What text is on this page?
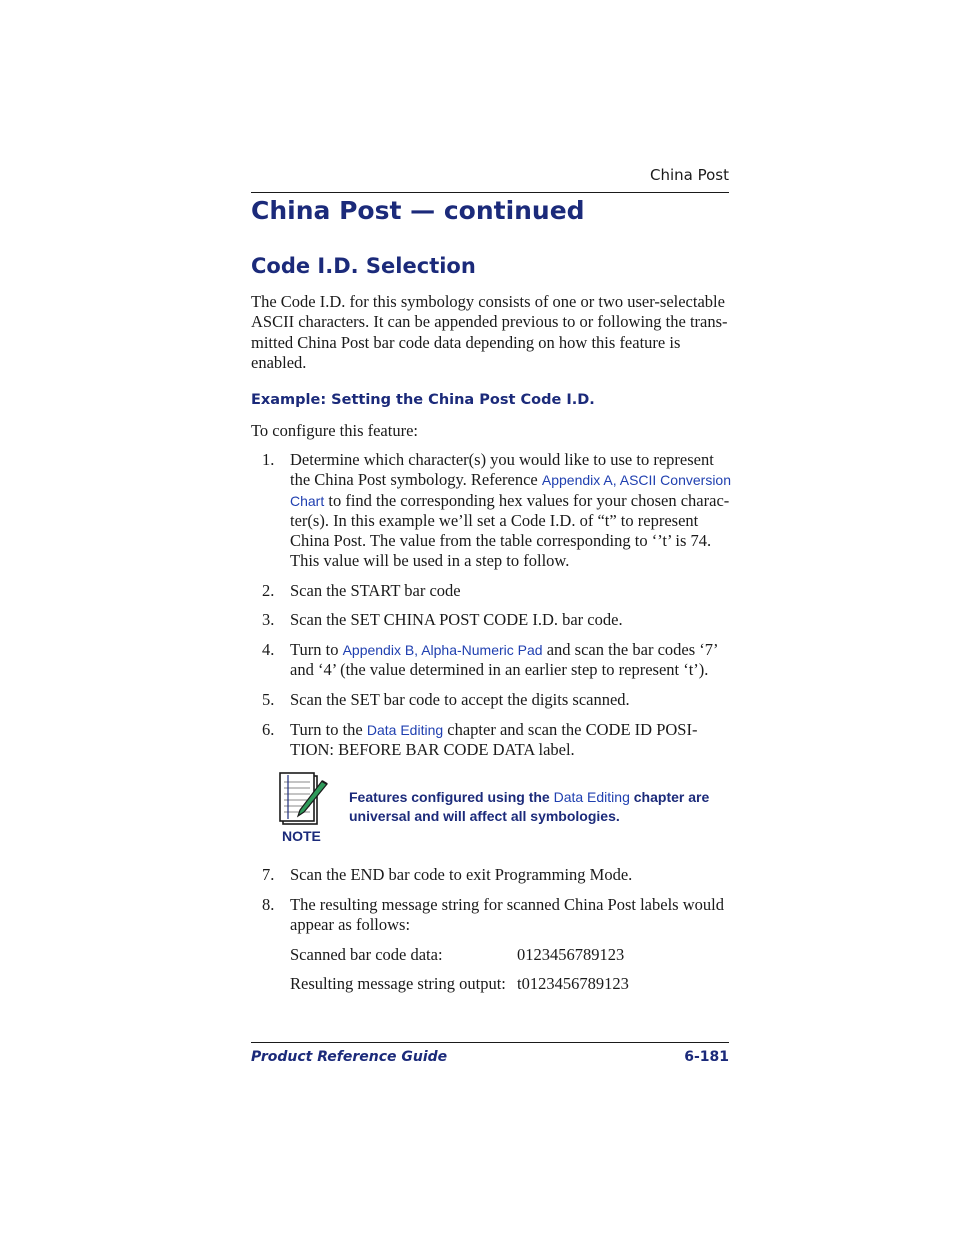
China Post
China Post — continued
Code I.D. Selection
The Code I.D. for this symbology consists of one or two user-selectable
ASCII characters. It can be appended previous to or following the trans-
mitted China Post bar code data depending on how this feature is
enabled.
Example: Setting the China Post Code I.D.
To configure this feature:
1. Determine which character(s) you would like to use to represent
the China Post symbology. Reference Appendix A, ASCII Conversion
Chart to find the corresponding hex values for your chosen charac-
ter(s). In this example we’ll set a Code I.D. of “t” to represent
China Post. The value from the table corresponding to ‘’t’ is 74.
This value will be used in a step to follow.
2. Scan the START bar code
3. Scan the SET CHINA POST CODE I.D. bar code.
4. Turn to Appendix B, Alpha-Numeric Pad and scan the bar codes ‘7’
and ‘4’ (the value determined in an earlier step to represent ‘t’).
5. Scan the SET bar code to accept the digits scanned.
6. Turn to the Data Editing chapter and scan the CODE ID POSI-
TION: BEFORE BAR CODE DATA label.
NOTE
Features configured using the Data Editing chapter are
universal and will affect all symbologies.
7. Scan the END bar code to exit Programming Mode.
8. The resulting message string for scanned China Post labels would
appear as follows:
Scanned bar code data:	0123456789123
Resulting message string output: t0123456789123
Product Reference Guide	6-181
